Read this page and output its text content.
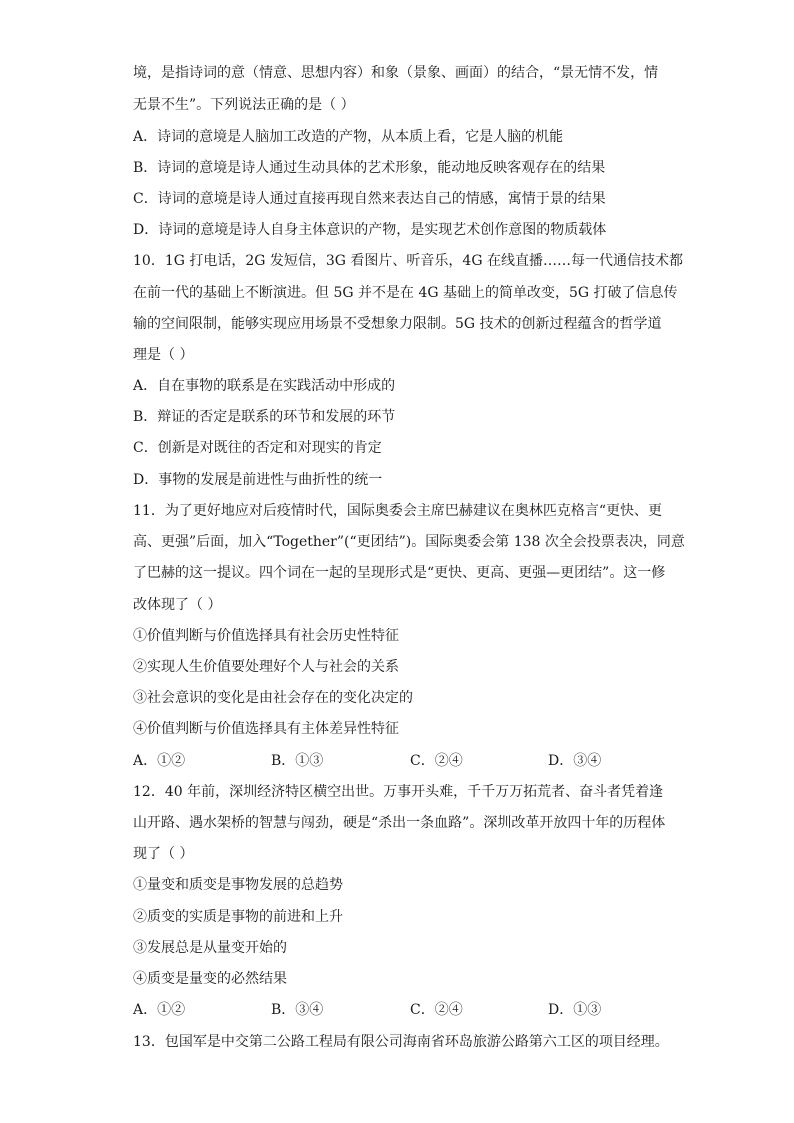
境，是指诗词的意（情意、思想内容）和象（景象、画面）的结合，“景无情不发，情
无景不生”。下列说法正确的是（ ）
A．诗词的意境是人脑加工改造的产物，从本质上看，它是人脑的机能
B．诗词的意境是诗人通过生动具体的艺术形象，能动地反映客观存在的结果
C．诗词的意境是诗人通过直接再现自然来表达自己的情感，寓情于景的结果
D．诗词的意境是诗人自身主体意识的产物，是实现艺术创作意图的物质载体
10．1G 打电话，2G 发短信，3G 看图片、听音乐，4G 在线直播……每一代通信技术都
在前一代的基础上不断演进。但 5G 并不是在 4G 基础上的简单改变，5G 打破了信息传
输的空间限制，能够实现应用场景不受想象力限制。5G 技术的创新过程蕴含的哲学道
理是（ ）
A．自在事物的联系是在实践活动中形成的
B．辩证的否定是联系的环节和发展的环节
C．创新是对既往的否定和对现实的肯定
D．事物的发展是前进性与曲折性的统一
11．为了更好地应对后疫情时代，国际奥委会主席巴赫建议在奥林匹克格言“更快、更
高、更强”后面，加入“Together”(“更团结”)。国际奥委会第 138 次全会投票表决，同意
了巴赫的这一提议。四个词在一起的呈现形式是“更快、更高、更强—更团结”。这一修
改体现了（ ）
①价值判断与价值选择具有社会历史性特征
②实现人生价值要处理好个人与社会的关系
③社会意识的变化是由社会存在的变化决定的
④价值判断与价值选择具有主体差异性特征
A．①②	B．①③	C．②④	D．③④
12．40 年前，深圳经济特区横空出世。万事开头难，千千万万拓荒者、奋斗者凭着逢
山开路、遇水架桥的智慧与闯劲，硬是“杀出一条血路”。深圳改革开放四十年的历程体
现了（ ）
①量变和质变是事物发展的总趋势
②质变的实质是事物的前进和上升
③发展总是从量变开始的
④质变是量变的必然结果
A．①②	B．③④	C．②④	D．①③
13．包国军是中交第二公路工程局有限公司海南省环岛旅游公路第六工区的项目经理。
